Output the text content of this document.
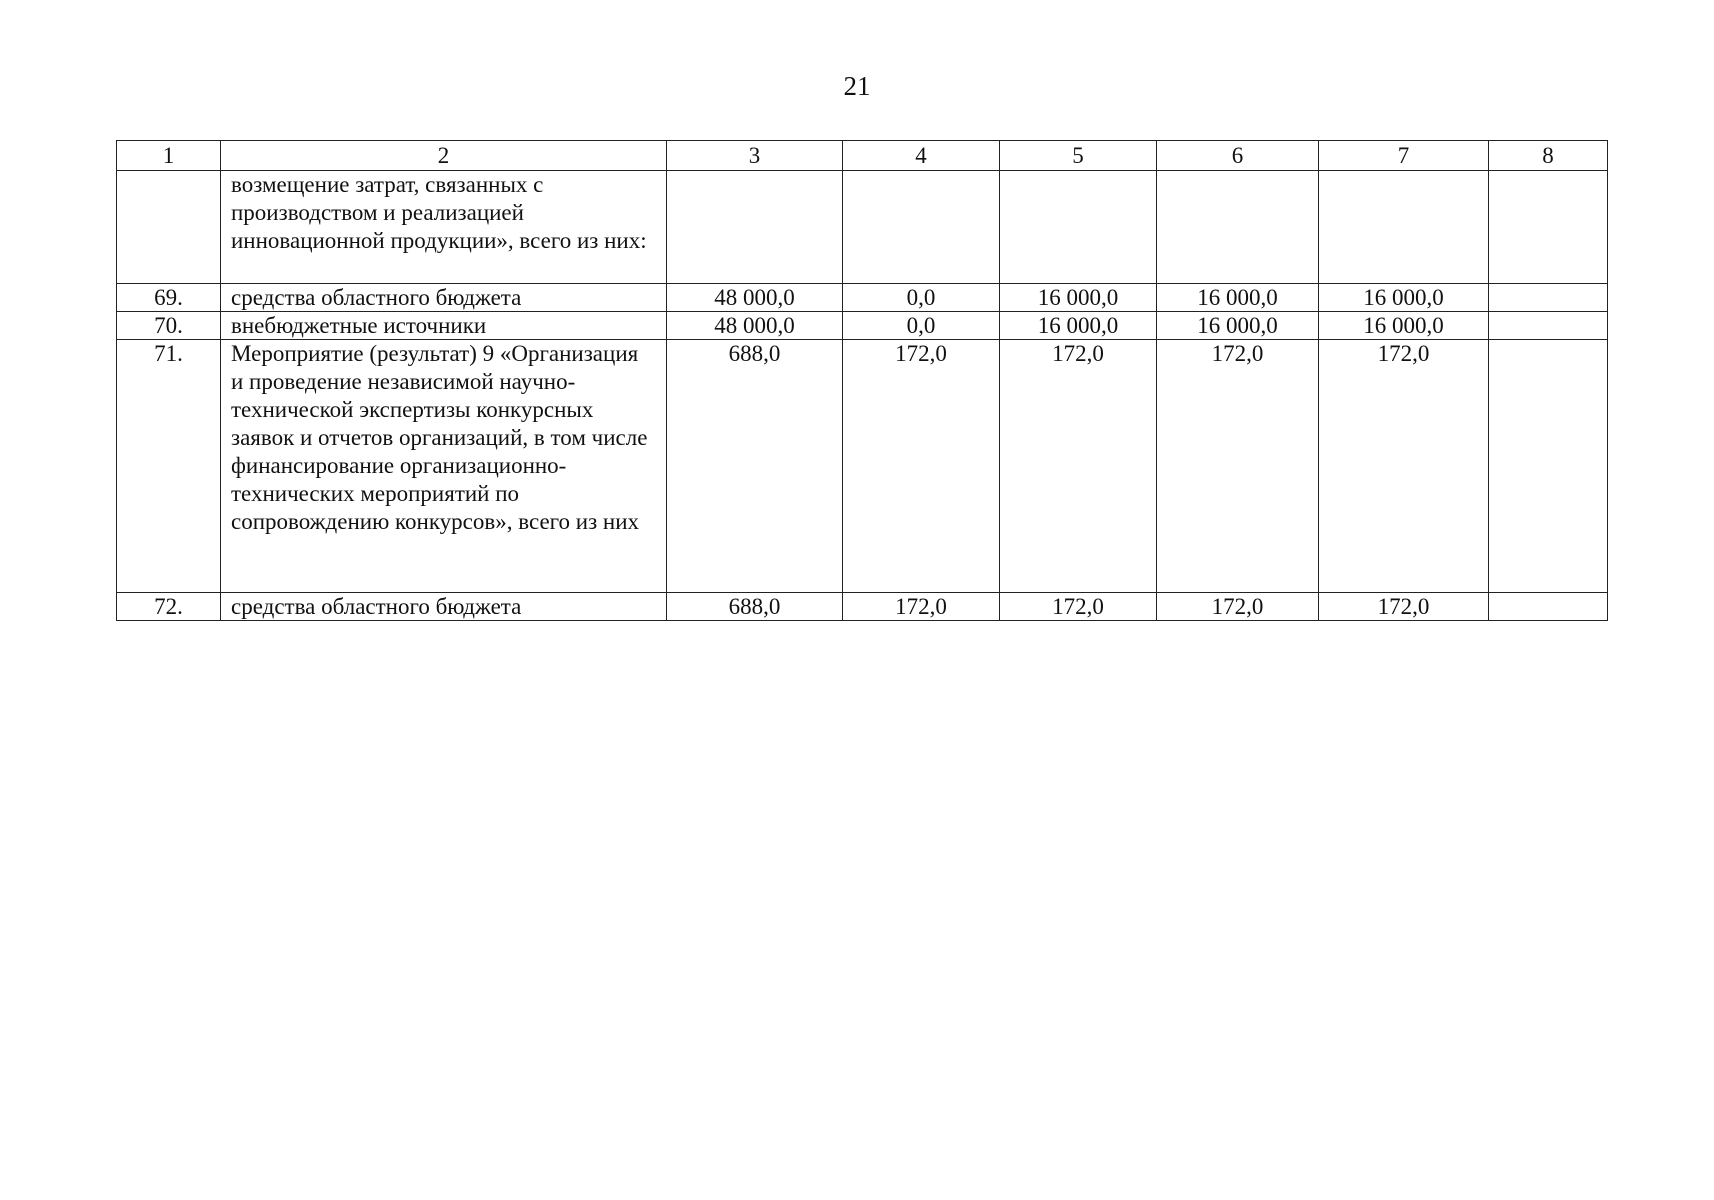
21
1	2	3	4	5	6	7	8
	возмещение затрат, связанных с производством и реализацией инновационной продукции», всего из них:						
69.	средства областного бюджета	48 000,0	0,0	16 000,0	16 000,0	16 000,0	
70.	внебюджетные источники	48 000,0	0,0	16 000,0	16 000,0	16 000,0	
71.	Мероприятие (результат) 9 «Организация и проведение независимой научно-технической экспертизы конкурсных заявок и отчетов организаций, в том числе финансирование организационно-технических мероприятий по сопровождению конкурсов», всего из них	688,0	172,0	172,0	172,0	172,0	
72.	средства областного бюджета	688,0	172,0	172,0	172,0	172,0	
